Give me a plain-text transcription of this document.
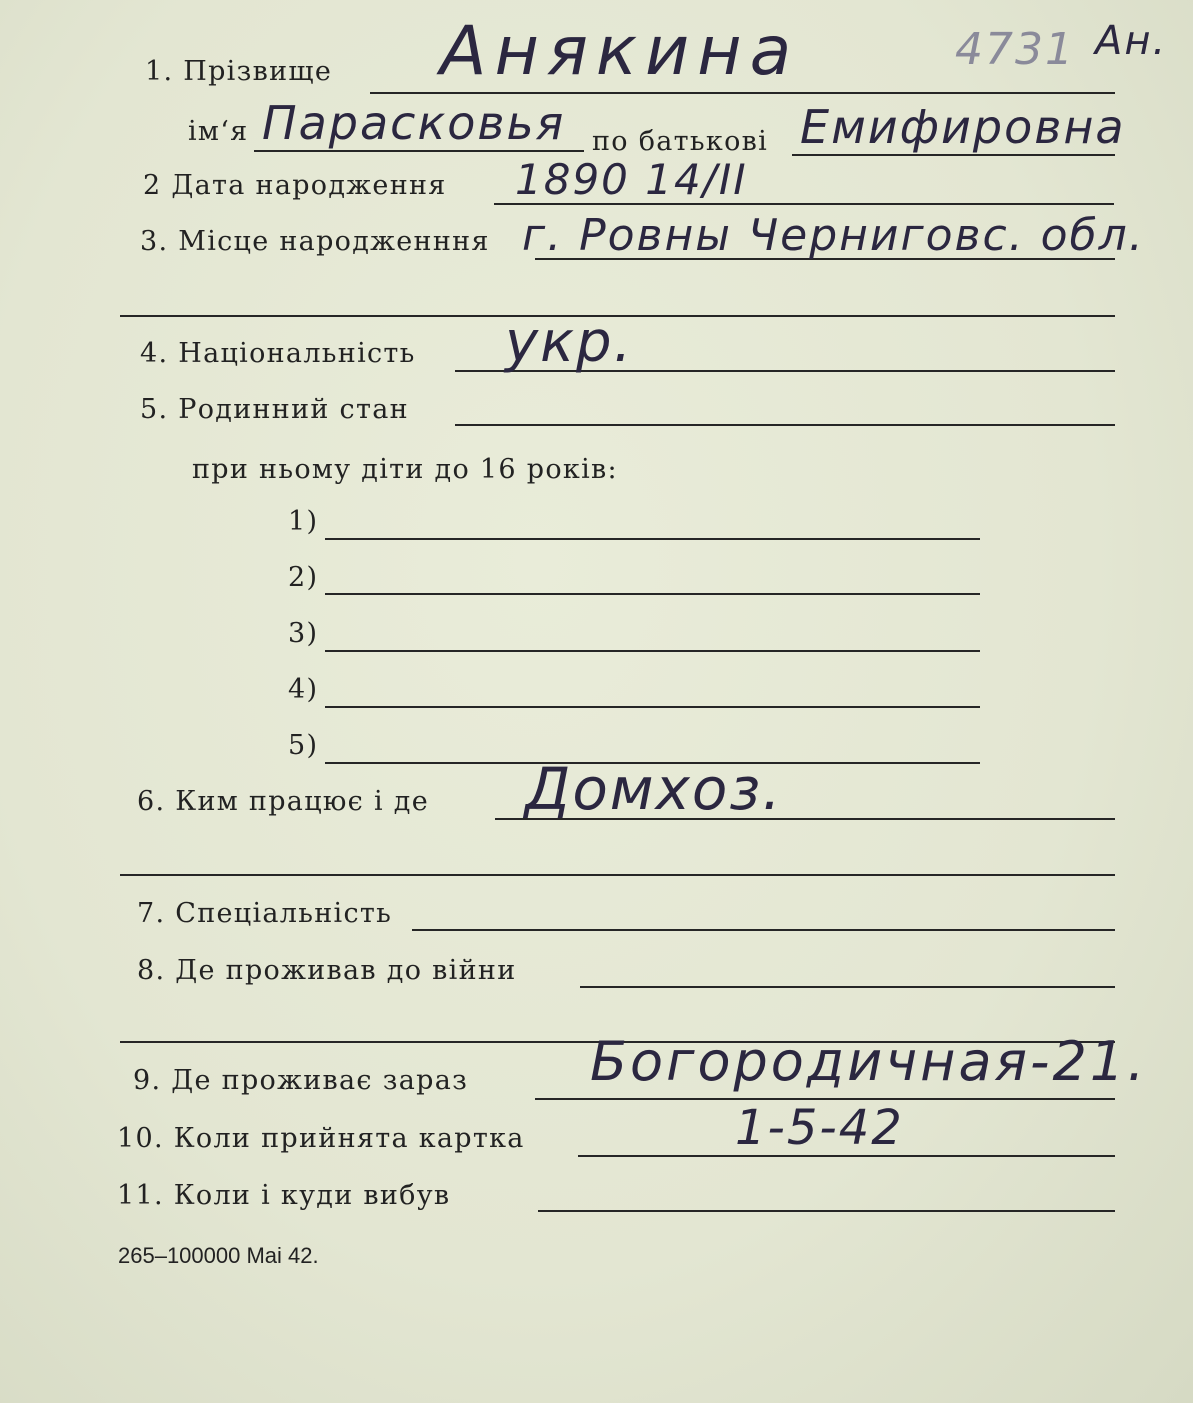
4731 Ан.
1. Прізвище Анякина
ім‘я Парасковья по батькові Емифировна
2 Дата народження 1890 14/II
3. Місце народженння г. Ровны Черниговс. обл.
4. Національність укр.
5. Родинний стан
при ньому діти до 16 років:
1)
2)
3)
4)
5)
6. Ким працює і де Домхоз.
7. Спеціальність
8. Де проживав до війни
9. Де проживає зараз Богородичная-21.
10. Коли прийнята картка	1-5-42
11. Коли і куди вибув
265–100000 Mai 42.
